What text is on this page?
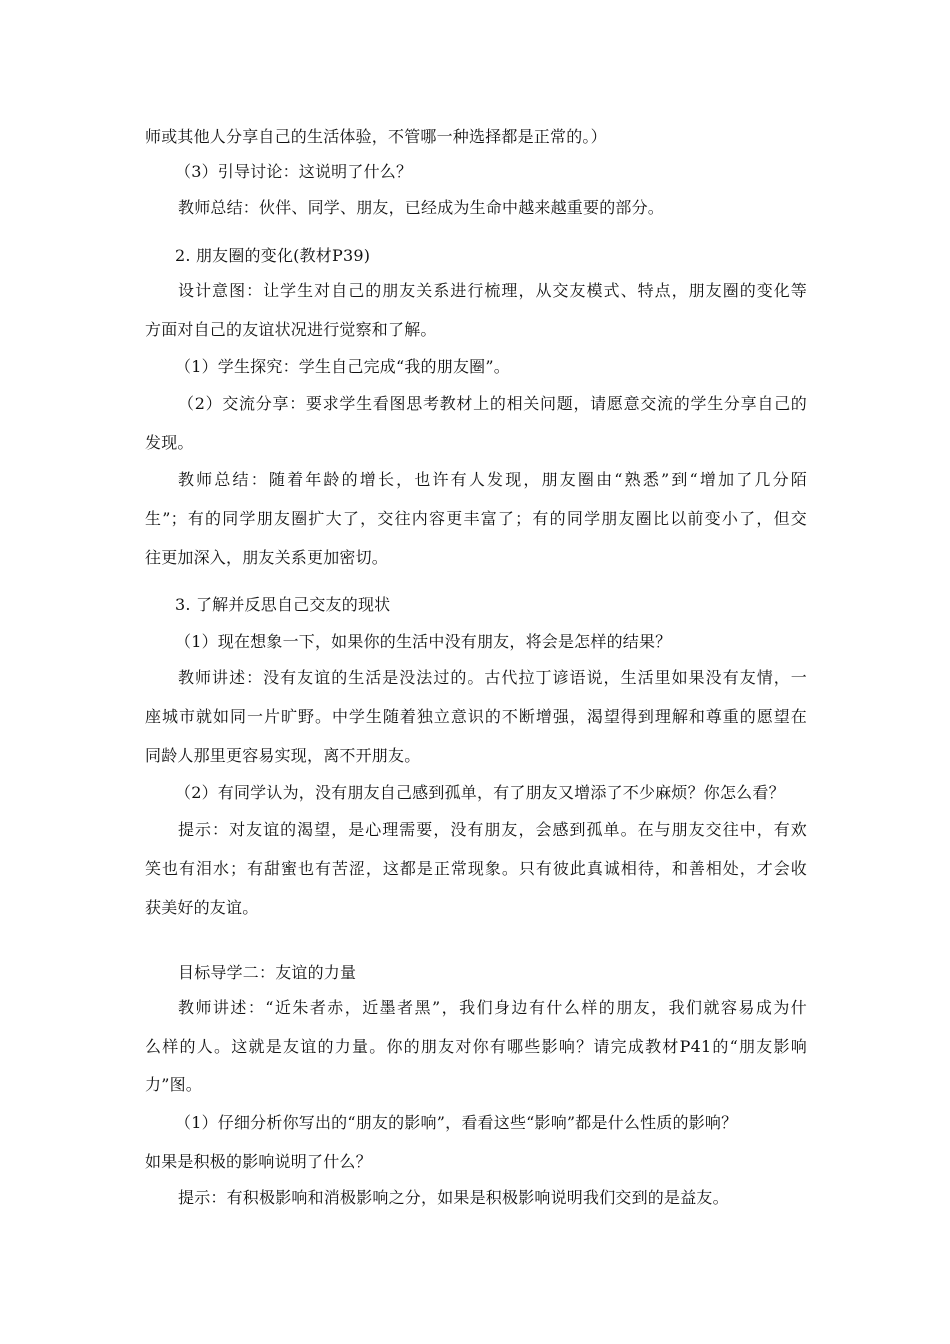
师或其他人分享自己的生活体验，不管哪一种选择都是正常的。）
（3）引导讨论：这说明了什么？
教师总结：伙伴、同学、朋友，已经成为生命中越来越重要的部分。
2. 朋友圈的变化(教材P39)
设计意图：让学生对自己的朋友关系进行梳理，从交友模式、特点，朋友圈的变化等
方面对自己的友谊状况进行觉察和了解。
（1）学生探究：学生自己完成“我的朋友圈”。
（2）交流分享：要求学生看图思考教材上的相关问题，请愿意交流的学生分享自己的
发现。
教师总结：随着年龄的增长，也许有人发现，朋友圈由“熟悉”到“增加了几分陌
生”；有的同学朋友圈扩大了，交往内容更丰富了；有的同学朋友圈比以前变小了，但交
往更加深入，朋友关系更加密切。
3. 了解并反思自己交友的现状
（1）现在想象一下，如果你的生活中没有朋友，将会是怎样的结果？
教师讲述：没有友谊的生活是没法过的。古代拉丁谚语说，生活里如果没有友情，一
座城市就如同一片旷野。中学生随着独立意识的不断增强，渴望得到理解和尊重的愿望在
同龄人那里更容易实现，离不开朋友。
（2）有同学认为，没有朋友自己感到孤单，有了朋友又增添了不少麻烦？你怎么看？
提示：对友谊的渴望，是心理需要，没有朋友，会感到孤单。在与朋友交往中，有欢
笑也有泪水；有甜蜜也有苦涩，这都是正常现象。只有彼此真诚相待，和善相处，才会收
获美好的友谊。
目标导学二：友谊的力量
教师讲述：“近朱者赤，近墨者黑”，我们身边有什么样的朋友，我们就容易成为什
么样的人。这就是友谊的力量。你的朋友对你有哪些影响？请完成教材P41的“朋友影响
力”图。
（1）仔细分析你写出的“朋友的影响”，看看这些“影响”都是什么性质的影响？
如果是积极的影响说明了什么？
提示：有积极影响和消极影响之分，如果是积极影响说明我们交到的是益友。
